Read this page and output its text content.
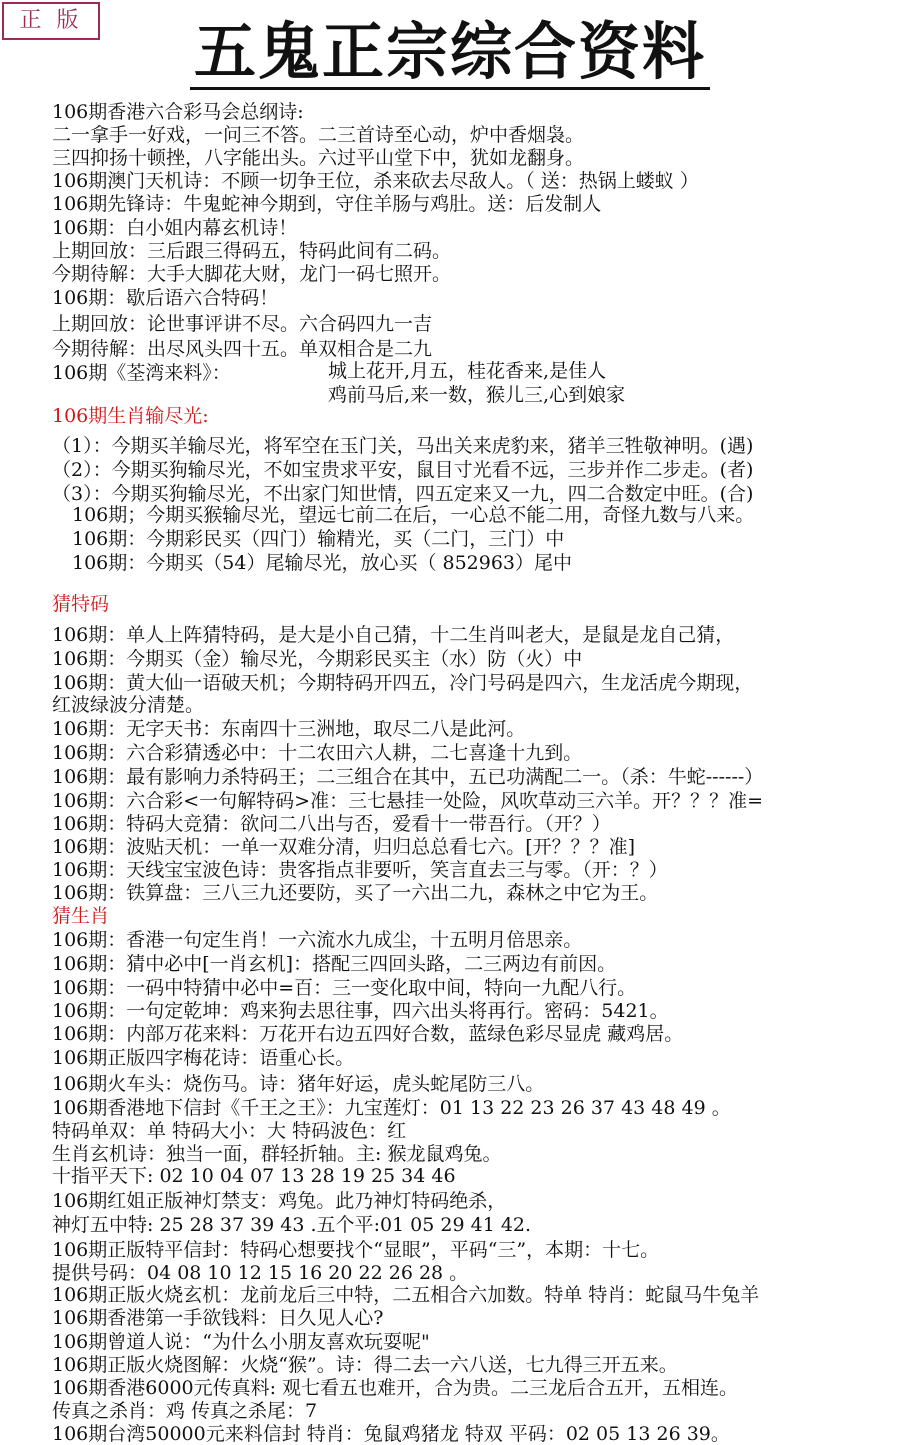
正 版	五鬼正宗综合资料
106期香港六合彩马会总纲诗:
二一拿手一好戏，一问三不答。二三首诗至心动，炉中香烟袅。
三四抑扬十顿挫，八字能出头。六过平山堂下中，犹如龙翻身。
106期澳门天机诗：不顾一切争王位，杀来砍去尽敌人。（ 送：热锅上蝼蚁 ）
106期先锋诗：牛鬼蛇神今期到，守住羊肠与鸡肚。送：后发制人
106期：白小姐内幕玄机诗！
上期回放：三后跟三得码五，特码此间有二码。
今期待解：大手大脚花大财，龙门一码七照开。
106期：歇后语六合特码！
上期回放：论世事评讲不尽。六合码四九一吉
今期待解：出尽风头四十五。单双相合是二九
106期《荃湾来料》：	城上花开,月五，桂花香来,是佳人
鸡前马后,来一数，猴儿三,心到娘家
106期生肖输尽光:
（1）：今期买羊输尽光，将军空在玉门关，马出关来虎豹来，猪羊三牲敬神明。(遇)
（2）：今期买狗输尽光，不如宝贵求平安，鼠目寸光看不远，三步并作二步走。(者)
（3）：今期买狗输尽光，不出家门知世情，四五定来又一九，四二合数定中旺。(合)
106期；今期买猴输尽光，望远七前二在后，一心总不能二用，奇怪九数与八来。
106期：今期彩民买（四门）输精光，买（二门，三门）中
106期：今期买（54）尾输尽光，放心买（ 852963）尾中
猜特码
106期：单人上阵猜特码，是大是小自己猜，十二生肖叫老大，是鼠是龙自己猜，
106期：今期买（金）输尽光，今期彩民买主（水）防（火）中
106期：黄大仙一语破天机；今期特码开四五，冷门号码是四六，生龙活虎今期现，
红波绿波分清楚。
106期：无字天书：东南四十三洲地，取尽二八是此河。
106期：六合彩猜透必中：十二农田六人耕，二七喜逢十九到。
106期：最有影响力杀特码王；二三组合在其中，五已功满配二一。（杀：牛蛇------）
106期：六合彩<一句解特码>准：三七悬挂一处险，风吹草动三六羊。开？？？准=
106期：特码大竞猜：欲问二八出与否，爱看十一带吾行。（开？）
106期：波贴天机：一单一双难分清，归归总总看七六。[开？？？准]
106期：天线宝宝波色诗：贵客指点非要听，笑言直去三与零。（开：？）
106期：铁算盘：三八三九还要防，买了一六出二九，森林之中它为王。
猜生肖
106期：香港一句定生肖！一六流水九成尘，十五明月倍思亲。
106期：猜中必中[一肖玄机]：搭配三四回头路，二三两边有前因。
106期：一码中特猜中必中=百：三一变化取中间，特向一九配八行。
106期：一句定乾坤：鸡来狗去思往事，四六出头将再行。密码：5421。
106期：内部万花来料：万花开右边五四好合数，蓝绿色彩尽显虎 藏鸡居。
106期正版四字梅花诗：语重心长。
106期火车头：烧伤马。诗：猪年好运，虎头蛇尾防三八。
106期香港地下信封《千王之王》：九宝莲灯：01 13 22 23 26 37 43 48 49 。
特码单双：单 特码大小：大 特码波色：红
生肖玄机诗：独当一面，群轻折轴。主: 猴龙鼠鸡兔。
十指平天下: 02 10 04 07 13 28 19 25 34 46
106期红姐正版神灯禁支：鸡兔。此乃神灯特码绝杀，
神灯五中特: 25 28 37 39 43 .五个平:01 05 29 41 42.
106期正版特平信封：特码心想要找个“显眼”，平码“三”，本期：十七。
提供号码：04 08 10 12 15 16 20 22 26 28 。
106期正版火烧玄机：龙前龙后三中特，二五相合六加数。特单 特肖：蛇鼠马牛兔羊
106期香港第一手欲钱料：日久见人心?
106期曾道人说：“为什么小朋友喜欢玩耍呢"
106期正版火烧图解：火烧“猴”。诗：得二去一六八送，七九得三开五来。
106期香港6000元传真料: 观七看五也难开，合为贵。二三龙后合五开，五相连。
传真之杀肖：鸡 传真之杀尾：7
106期台湾50000元来料信封 特肖：兔鼠鸡猪龙 特双 平码：02 05 13 26 39。
